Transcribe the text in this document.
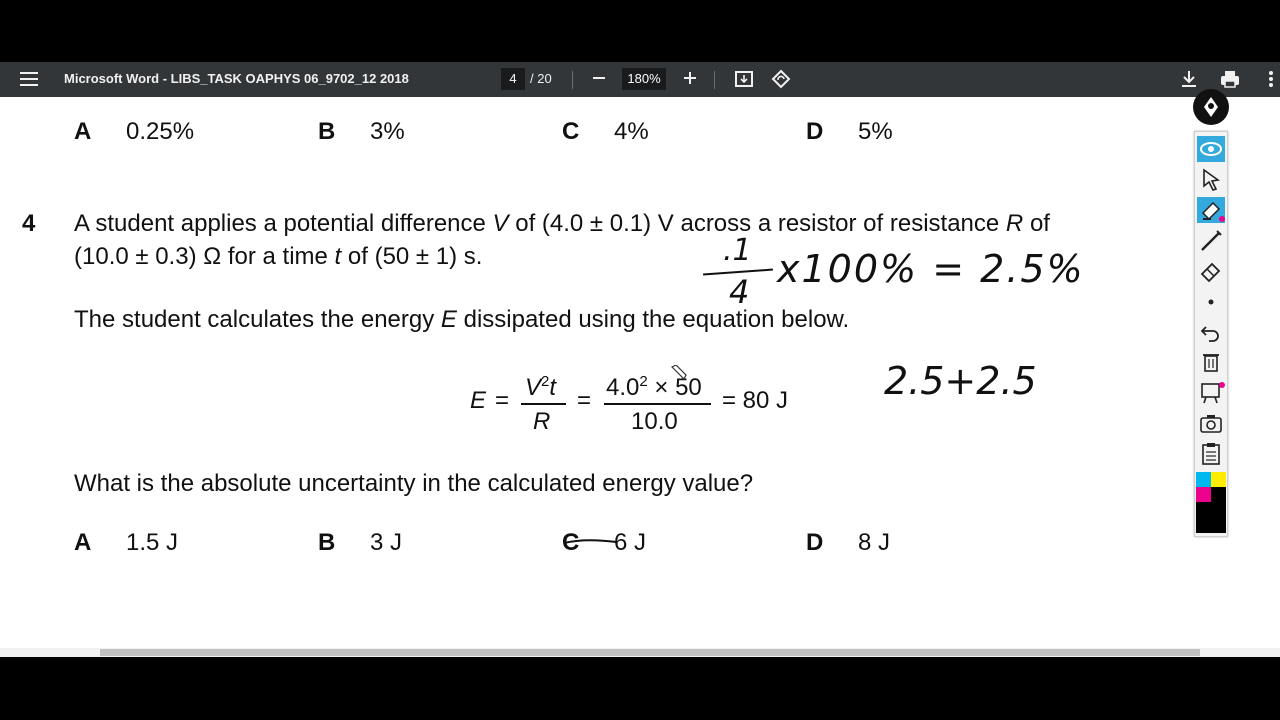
Microsoft Word - LIBS_TASK OAPHYS 06_9702_12 2018	4	/ 20	180%
A 0.25%	B 3%	C 4%	D 5%
4 A student applies a potential difference V of (4.0 ± 0.1) V across a resistor of resistance R of
(10.0 ± 0.3) Ω for a time t of (50 ± 1) s.
The student calculates the energy E dissipated using the equation below.
$E = V^2t$
R
= $4.0^2 \times 50$
10.0
= 80 J
What is the absolute uncertainty in the calculated energy value?
A 1.5 J	B 3 J	C 6 J	D 8 J
.1
4
x100% = 2.5%
2.5+2.5
